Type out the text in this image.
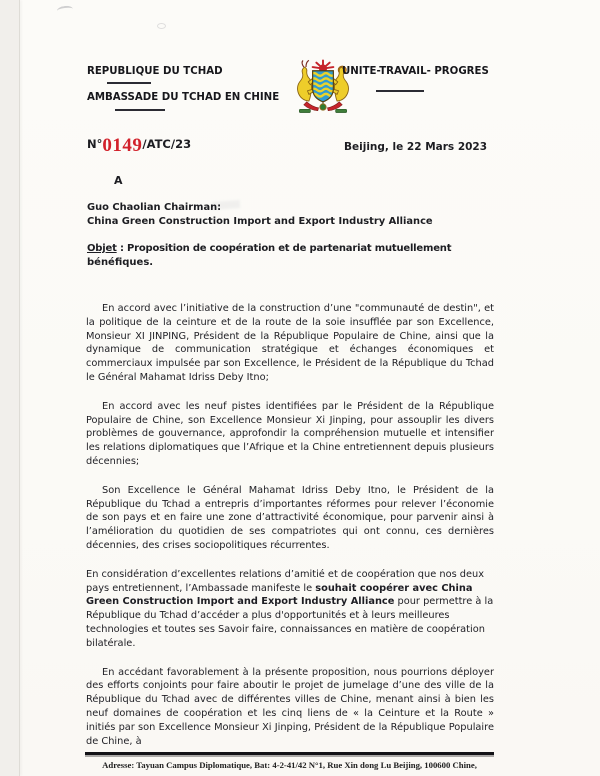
REPUBLIQUE DU TCHAD
AMBASSADE DU TCHAD EN CHINE
UNITE-TRAVAIL- PROGRES
N°0149/ATC/23	Beijing, le 22 Mars 2023
A
Guo Chaolian Chairman:
China Green Construction Import and Export Industry Alliance
Objet : Proposition de coopération et de partenariat mutuellement
bénéfiques.

En accord avec l’initiative de la construction d’une "communauté de destin", et la politique de la ceinture et de la route de la soie insufflée par son Excellence, Monsieur XI JINPING, Président de la République Populaire de Chine, ainsi que la dynamique de communication stratégique et échanges économiques et commerciaux impulsée par son Excellence, le Président de la République du Tchad le Général Mahamat Idriss Deby Itno;

En accord avec les neuf pistes identifiées par le Président de la République Populaire de Chine, son Excellence Monsieur Xi Jinping, pour assouplir les divers problèmes de gouvernance, approfondir la compréhension mutuelle et intensifier les relations diplomatiques que l’Afrique et la Chine entretiennent depuis plusieurs décennies;

Son Excellence le Général Mahamat Idriss Deby Itno, le Président de la République du Tchad a entrepris d’importantes réformes pour relever l’économie de son pays et en faire une zone d’attractivité économique, pour parvenir ainsi à l’amélioration du quotidien de ses compatriotes qui ont connu, ces dernières décennies, des crises sociopolitiques récurrentes.

En considération d’excellentes relations d’amitié et de coopération que nos deux pays entretiennent, l’Ambassade manifeste le souhait coopérer avec China Green Construction Import and Export Industry Alliance pour permettre à la République du Tchad d’accéder a plus d'opportunités et à leurs meilleures technologies et toutes ses Savoir faire, connaissances en matière de coopération bilatérale.

En accédant favorablement à la présente proposition, nous pourrions déployer des efforts conjoints pour faire aboutir le projet de jumelage d’une des ville de la République du Tchad avec de différentes villes de Chine, menant ainsi à bien les neuf domaines de coopération et les cinq liens de « la Ceinture et la Route » initiés par son Excellence Monsieur Xi Jinping, Président de la République Populaire de Chine, à

Adresse: Tayuan Campus Diplomatique, Bat: 4-2-41/42 N°1, Rue Xin dong Lu Beijing, 100600 Chine,
